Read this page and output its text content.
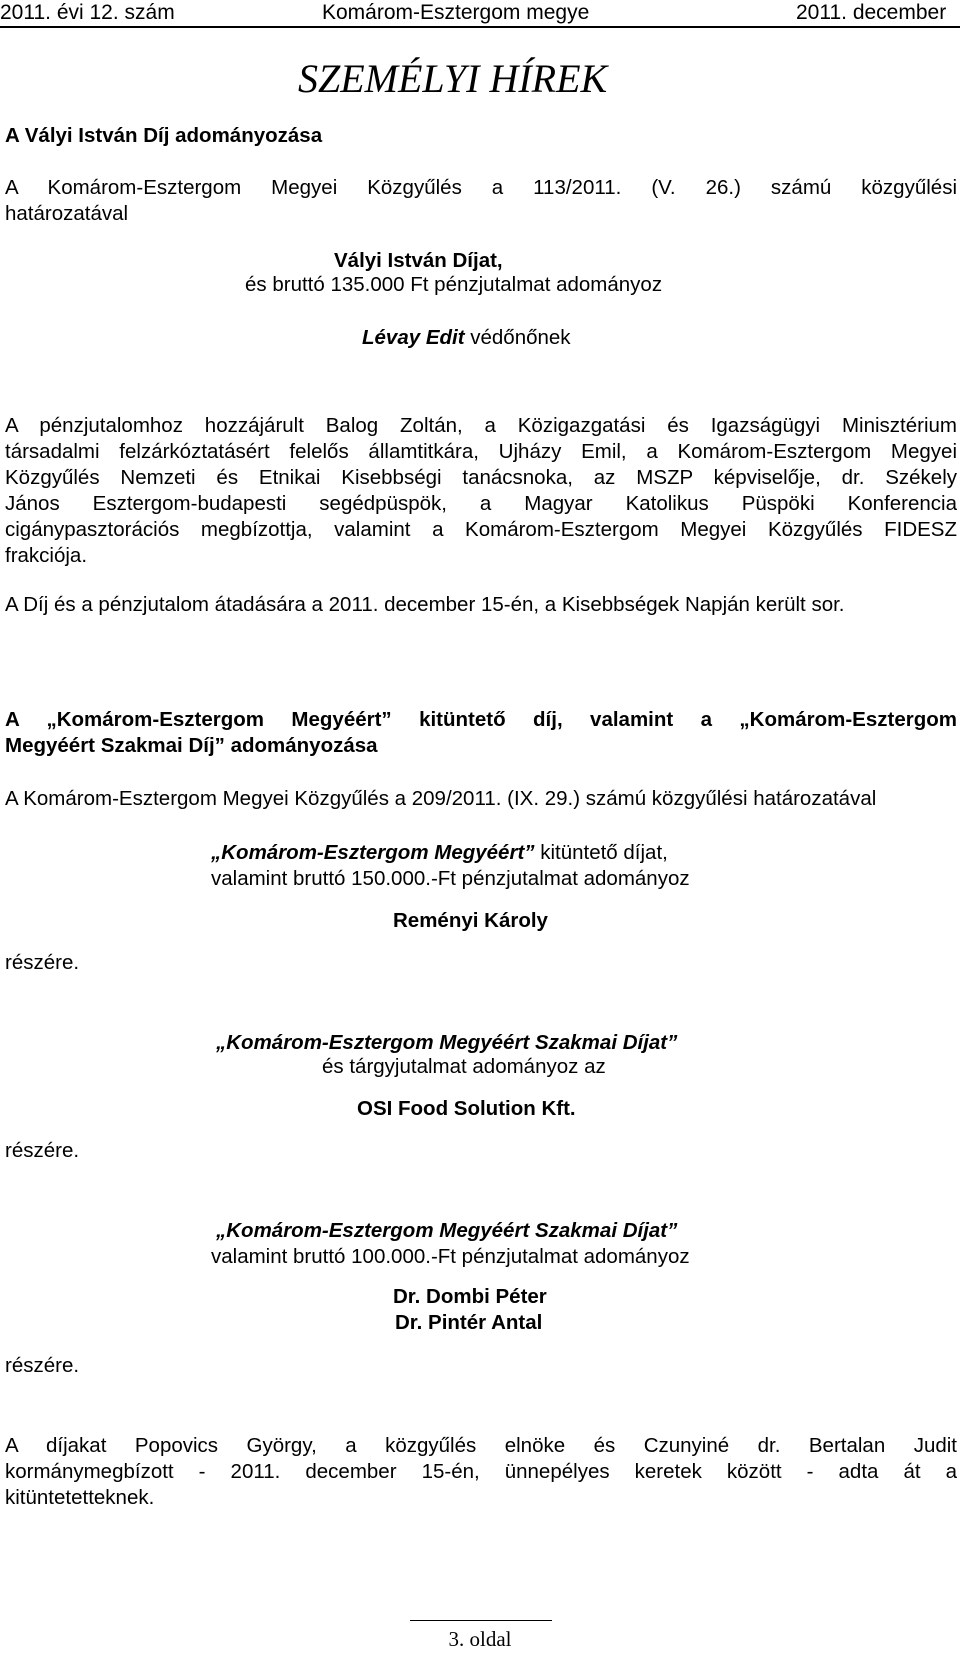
2011. évi 12. szám	Komárom-Esztergom megye	2011. december
SZEMÉLYI HÍREK
A Vályi István Díj adományozása
A Komárom-Esztergom Megyei Közgyűlés a 113/2011. (V. 26.) számú közgyűlési
határozatával
Vályi István Díjat,
és bruttó 135.000 Ft pénzjutalmat adományoz
Lévay Edit védőnőnek
A pénzjutalomhoz hozzájárult Balog Zoltán, a Közigazgatási és Igazságügyi Minisztérium
társadalmi felzárkóztatásért felelős államtitkára, Ujházy Emil, a Komárom-Esztergom Megyei
Közgyűlés Nemzeti és Etnikai Kisebbségi tanácsnoka, az MSZP képviselője, dr. Székely
János Esztergom-budapesti segédpüspök, a Magyar Katolikus Püspöki Konferencia
cigánypasztorációs megbízottja, valamint a Komárom-Esztergom Megyei Közgyűlés FIDESZ
frakciója.
A Díj és a pénzjutalom átadására a 2011. december 15-én, a Kisebbségek Napján került sor.
A „Komárom-Esztergom Megyéért” kitüntető díj, valamint a „Komárom-Esztergom
Megyéért Szakmai Díj” adományozása
A Komárom-Esztergom Megyei Közgyűlés a 209/2011. (IX. 29.) számú közgyűlési határozatával
„Komárom-Esztergom Megyéért” kitüntető díjat,
valamint bruttó 150.000.-Ft pénzjutalmat adományoz
Reményi Károly
részére.
„Komárom-Esztergom Megyéért Szakmai Díjat”
és tárgyjutalmat adományoz az
OSI Food Solution Kft.
részére.
„Komárom-Esztergom Megyéért Szakmai Díjat”
valamint bruttó 100.000.-Ft pénzjutalmat adományoz
Dr. Dombi Péter
Dr. Pintér Antal
részére.
A díjakat Popovics György, a közgyűlés elnöke és Czunyiné dr. Bertalan Judit
kormánymegbízott - 2011. december 15-én, ünnepélyes keretek között - adta át a
kitüntetetteknek.
3. oldal
